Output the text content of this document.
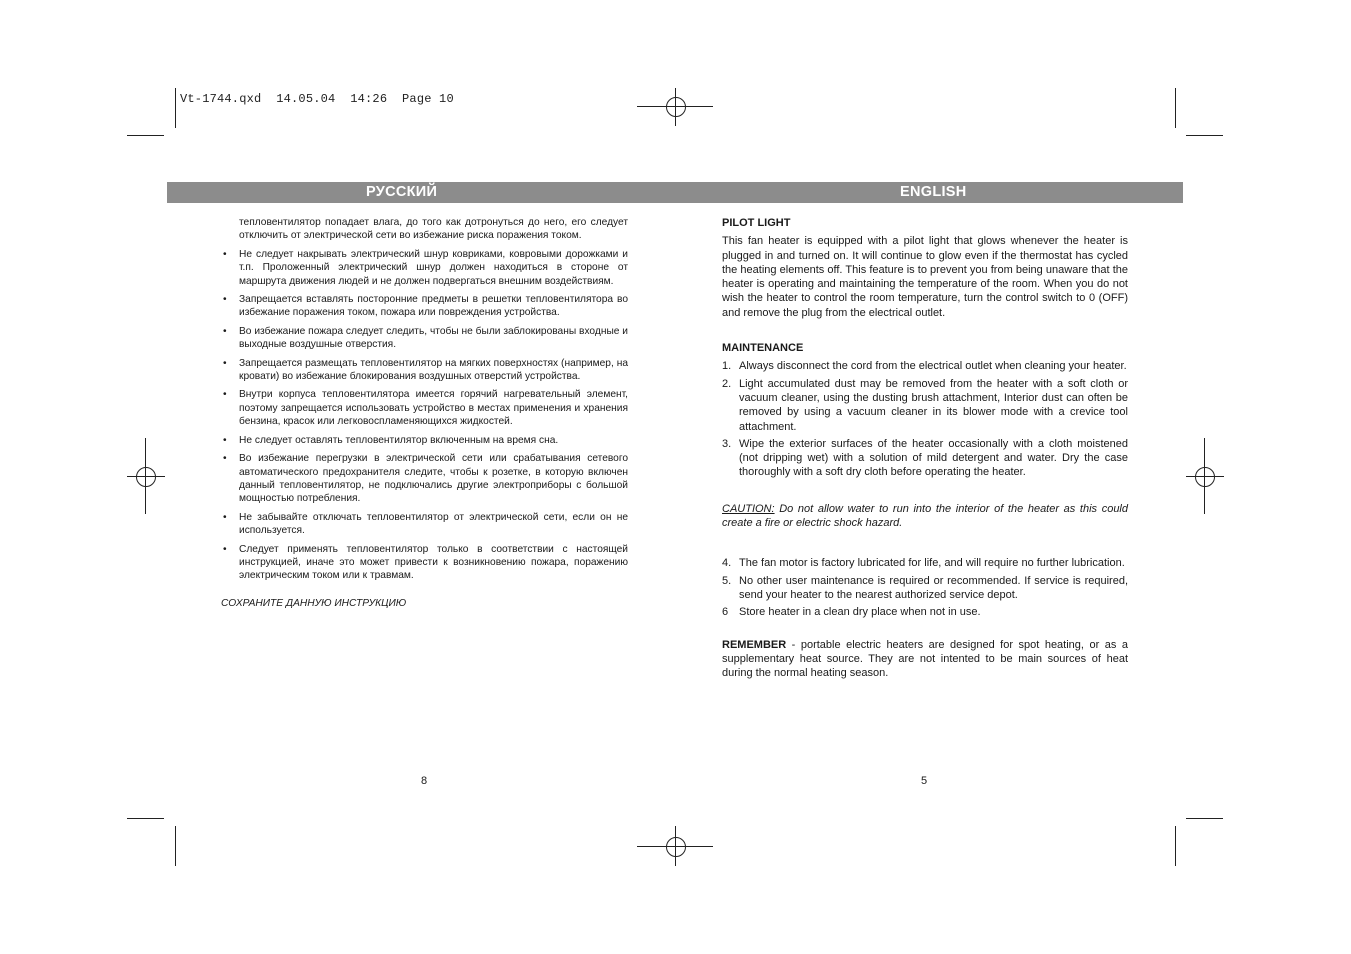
Vt-1744.qxd  14.05.04  14:26  Page 10
РУССКИЙ	ENGLISH

тепловентилятор попадает влага, до того как дотронуться до него, его следует отключить от электрической сети во избежание риска поражения током.

• Не следует накрывать электрический шнур ковриками, ковровыми дорожками и т.п. Проложенный электрический шнур должен находиться в стороне от маршрута движения людей и не должен подвергаться внешним воздействиям.
• Запрещается вставлять посторонние предметы в решетки тепловентилятора во избежание поражения током, пожара или повреждения устройства.
• Во избежание пожара следует следить, чтобы не были заблокированы входные и выходные воздушные отверстия.
• Запрещается размещать тепловентилятор на мягких поверхностях (например, на кровати) во избежание блокирования воздушных отверстий устройства.
• Внутри корпуса тепловентилятора имеется горячий нагревательный элемент, поэтому запрещается использовать устройство в местах применения и хранения бензина, красок или легковоспламеняющихся жидкостей.
• Не следует оставлять тепловентилятор включенным на время сна.
• Во избежание перегрузки в электрической сети или срабатывания сетевого автоматического предохранителя следите, чтобы к розетке, в которую включен данный тепловентилятор, не подключались другие электроприборы с большой мощностью потребления.
• Не забывайте отключать тепловентилятор от электрической сети, если он не используется.
• Следует применять тепловентилятор только в соответствии с настоящей инструкцией, иначе это может привести к возникновению пожара, поражению электрическим током или к травмам.

СОХРАНИТЕ ДАННУЮ ИНСТРУКЦИЮ

PILOT LIGHT

This fan heater is equipped with a pilot light that glows whenever the heater is plugged in and turned on. It will continue to glow even if the thermostat has cycled the heating elements off. This feature is to prevent you from being unaware that the heater is operating and maintaining the temperature of the room. When you do not wish the heater to control the room temperature, turn the control switch to 0 (OFF) and remove the plug from the electrical outlet.

MAINTENANCE
1. Always disconnect the cord from the electrical outlet when cleaning your heater.
2. Light accumulated dust may be removed from the heater with a soft cloth or vacuum cleaner, using the dusting brush attachment, Interior dust can often be removed by using a vacuum cleaner in its blower mode with a crevice tool attachment.
3. Wipe the exterior surfaces of the heater occasionally with a cloth moistened (not dripping wet) with a solution of mild detergent and water. Dry the case thoroughly with a soft dry cloth before operating the heater.

CAUTION: Do not allow water to run into the interior of the heater as this could create a fire or electric shock hazard.

4. The fan motor is factory lubricated for life, and will require no further lubrication.
5. No other user maintenance is required or recommended. If service is required, send your heater to the nearest authorized service depot.
6 Store heater in a clean dry place when not in use.

REMEMBER - portable electric heaters are designed for spot heating, or as a supplementary heat source. They are not intented to be main sources of heat during the normal heating season.

8	5
